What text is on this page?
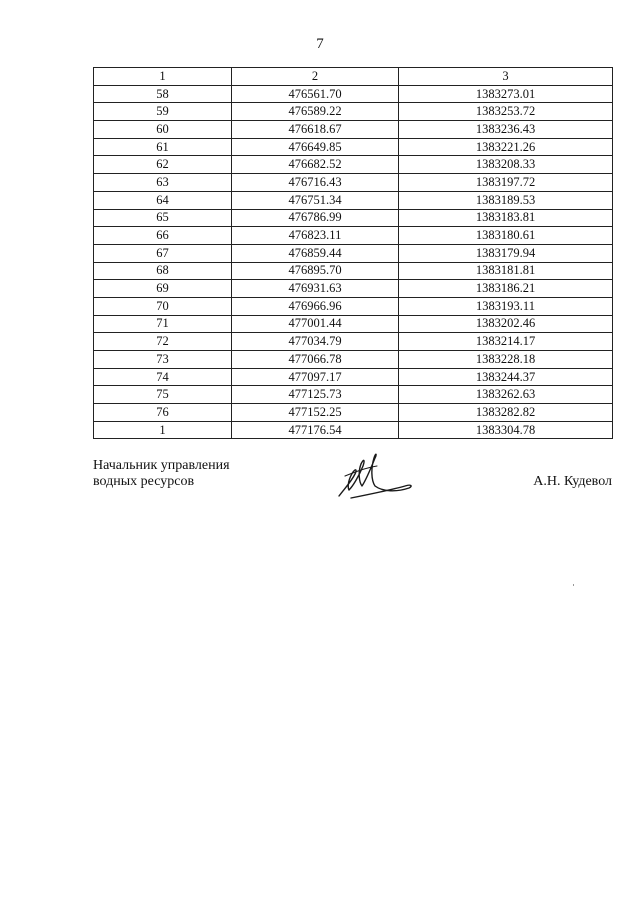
7
1	2	3
58	476561.70	1383273.01
59	476589.22	1383253.72
60	476618.67	1383236.43
61	476649.85	1383221.26
62	476682.52	1383208.33
63	476716.43	1383197.72
64	476751.34	1383189.53
65	476786.99	1383183.81
66	476823.11	1383180.61
67	476859.44	1383179.94
68	476895.70	1383181.81
69	476931.63	1383186.21
70	476966.96	1383193.11
71	477001.44	1383202.46
72	477034.79	1383214.17
73	477066.78	1383228.18
74	477097.17	1383244.37
75	477125.73	1383262.63
76	477152.25	1383282.82
1	477176.54	1383304.78
Начальник управления
водных ресурсов	А.Н. Кудевол
